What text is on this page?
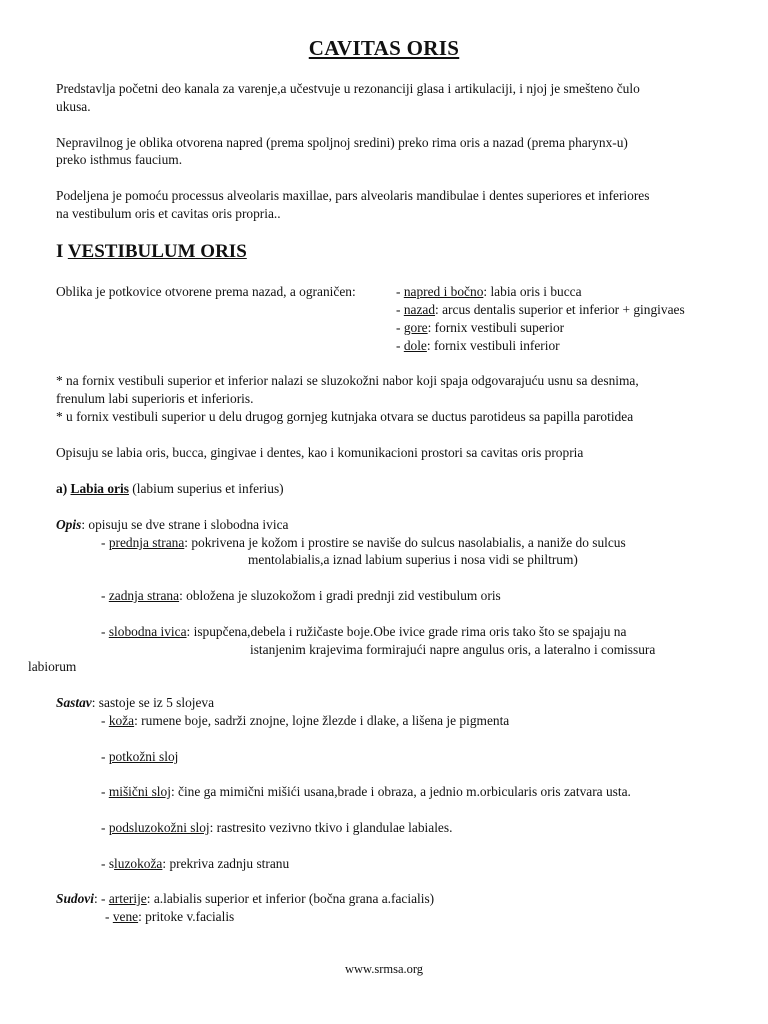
CAVITAS ORIS
Predstavlja početni deo kanala za varenje,a učestvuje u rezonanciji glasa i artikulaciji, i njoj je smešteno čulo
ukusa.
Nepravilnog je oblika otvorena napred (prema spoljnoj sredini) preko rima oris a nazad (prema pharynx-u)
preko isthmus faucium.
Podeljena je pomoću processus alveolaris maxillae, pars alveolaris mandibulae i dentes superiores et inferiores
na vestibulum oris et cavitas oris propria..
I VESTIBULUM ORIS
Oblika je potkovice otvorene prema nazad, a ograničen:	- napred i bočno: labia oris i bucca
- nazad: arcus dentalis superior et inferior + gingivaes
- gore: fornix vestibuli superior
- dole: fornix vestibuli inferior
* na fornix vestibuli superior et inferior nalazi se sluzokožni nabor koji spaja odgovarajuću usnu sa desnima,
frenulum labi superioris et inferioris.
* u fornix vestibuli superior u delu drugog gornjeg kutnjaka otvara se ductus parotideus sa papilla parotidea
Opisuju se labia oris, bucca, gingivae i dentes, kao i komunikacioni prostori sa cavitas oris propria
a) Labia oris (labium superius et inferius)
Opis: opisuju se dve strane i slobodna ivica
- prednja strana: pokrivena je kožom i prostire se naviše do sulcus nasolabialis, a naniže do sulcus
mentolabialis,a iznad labium superius i nosa vidi se philtrum)
- zadnja strana: obložena je sluzokožom i gradi prednji zid vestibulum oris
- slobodna ivica: ispupčena,debela i ružičaste boje.Obe ivice grade rima oris tako što se spajaju na
istanjenim krajevima formirajući napre angulus oris, a lateralno i comissura
labiorum
Sastav: sastoje se iz 5 slojeva
- koža: rumene boje, sadrži znojne, lojne žlezde i dlake, a lišena je pigmenta
- potkožni sloj
- mišični sloj: čine ga mimični mišići usana,brade i obraza, a jednio m.orbicularis oris zatvara usta.
- podsluzokožni sloj: rastresito vezivno tkivo i glandulae labiales.
- sluzokoža: prekriva zadnju stranu
Sudovi: - arterije: a.labialis superior et inferior (bočna grana a.facialis)
- vene: pritoke v.facialis
www.srmsa.org
